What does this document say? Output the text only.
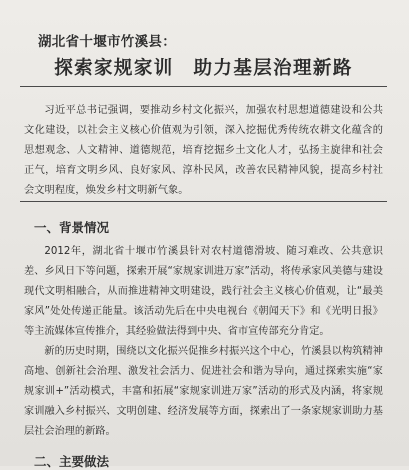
湖北省十堰市竹溪县：
探索家规家训　助力基层治理新路

习近平总书记强调，要推动乡村文化振兴，加强农村思想道德建设和公共文化建设，以社会主义核心价值观为引领，深入挖掘优秀传统农耕文化蕴含的思想观念、人文精神、道德规范，培育挖掘乡土文化人才，弘扬主旋律和社会正气，培育文明乡风、良好家风、淳朴民风，改善农民精神风貌，提高乡村社会文明程度，焕发乡村文明新气象。

一、背景情况

2012年，湖北省十堰市竹溪县针对农村道德滑坡、随习难改、公共意识差、乡风日下等问题，探索开展“家规家训进万家”活动，将传承家风美德与建设现代文明相融合，从而推进精神文明建设，践行社会主义核心价值观，让“最美家风”处处传递正能量。该活动先后在中央电视台《朝闻天下》和《光明日报》等主流媒体宣传推介，其经验做法得到中央、省市宣传部充分肯定。

新的历史时期，围绕以文化振兴促推乡村振兴这个中心，竹溪县以构筑精神高地、创新社会治理、激发社会活力、促进社会和谐为导向，通过探索实施“家规家训+”活动模式，丰富和拓展“家规家训进万家”活动的形式及内涵，将家规家训融入乡村振兴、文明创建、经济发展等方面，探索出了一条家规家训助力基层社会治理的新路。

二、主要做法
